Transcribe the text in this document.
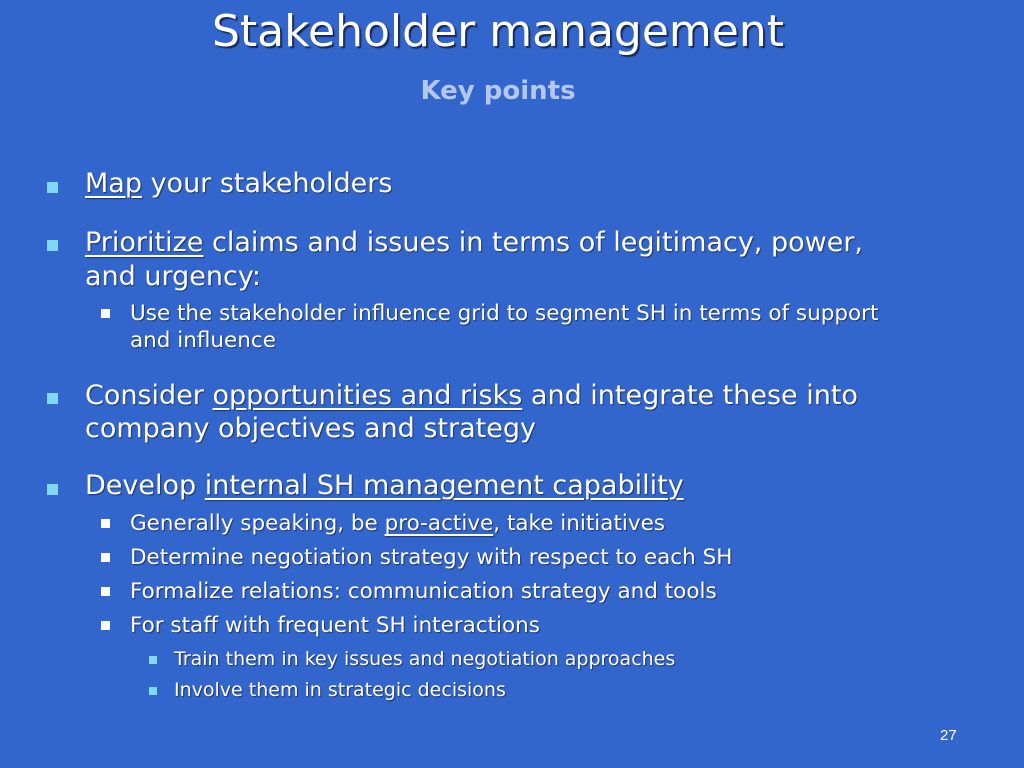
Stakeholder management
Key points
Map your stakeholders
Prioritize claims and issues in terms of legitimacy, power,
and urgency:
Use the stakeholder influence grid to segment SH in terms of support
and influence
Consider opportunities and risks and integrate these into
company objectives and strategy
Develop internal SH management capability
Generally speaking, be pro-active, take initiatives
Determine negotiation strategy with respect to each SH
Formalize relations: communication strategy and tools
For staff with frequent SH interactions
Train them in key issues and negotiation approaches
Involve them in strategic decisions
27
